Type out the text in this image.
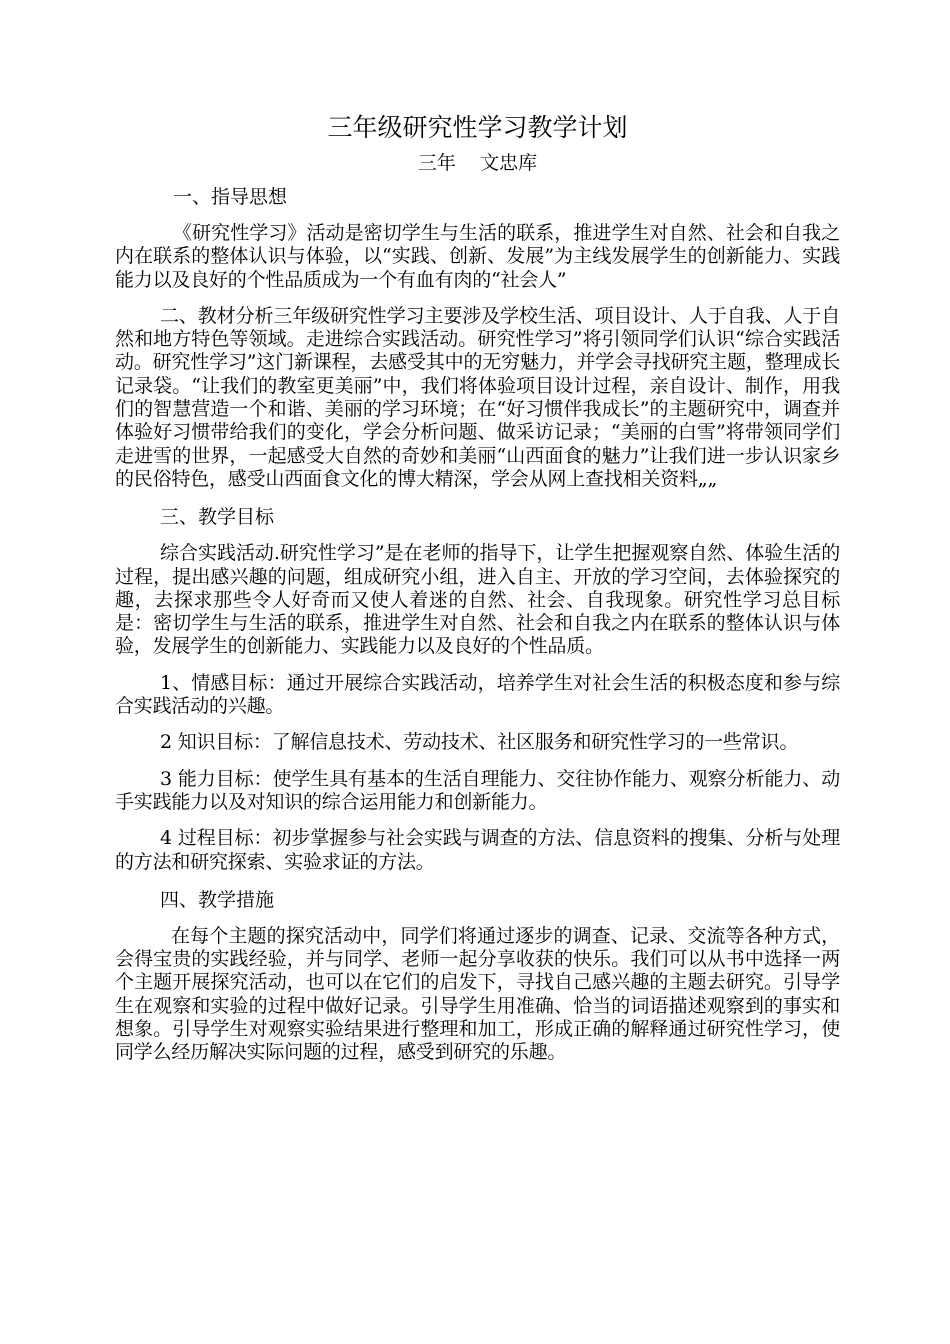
三年级研究性学习教学计划

三年    文忠库

一、指导思想

《研究性学习》活动是密切学生与生活的联系，推进学生对自然、社会和自我之内在联系的整体认识与体验，以“实践、创新、发展”为主线发展学生的创新能力、实践能力以及良好的个性品质成为一个有血有肉的“社会人”

二、教材分析三年级研究性学习主要涉及学校生活、项目设计、人于自我、人于自然和地方特色等领域。走进综合实践活动。研究性学习”将引领同学们认识“综合实践活动。研究性学习”这门新课程，去感受其中的无穷魅力，并学会寻找研究主题，整理成长记录袋。“让我们的教室更美丽”中，我们将体验项目设计过程，亲自设计、制作，用我们的智慧营造一个和谐、美丽的学习环境；在“好习惯伴我成长”的主题研究中，调查并体验好习惯带给我们的变化，学会分析问题、做采访记录；“美丽的白雪”将带领同学们走进雪的世界，一起感受大自然的奇妙和美丽“山西面食的魅力”让我们进一步认识家乡的民俗特色，感受山西面食文化的博大精深，学会从网上查找相关资料„„

三、教学目标

综合实践活动.研究性学习”是在老师的指导下，让学生把握观察自然、体验生活的过程，提出感兴趣的问题，组成研究小组，进入自主、开放的学习空间，去体验探究的趣，去探求那些令人好奇而又使人着迷的自然、社会、自我现象。研究性学习总目标是：密切学生与生活的联系，推进学生对自然、社会和自我之内在联系的整体认识与体验，发展学生的创新能力、实践能力以及良好的个性品质。

1、情感目标：通过开展综合实践活动，培养学生对社会生活的积极态度和参与综合实践活动的兴趣。

2 知识目标：了解信息技术、劳动技术、社区服务和研究性学习的一些常识。

3 能力目标：使学生具有基本的生活自理能力、交往协作能力、观察分析能力、动手实践能力以及对知识的综合运用能力和创新能力。

4 过程目标：初步掌握参与社会实践与调查的方法、信息资料的搜集、分析与处理的方法和研究探索、实验求证的方法。

四、教学措施

在每个主题的探究活动中，同学们将通过逐步的调查、记录、交流等各种方式，会得宝贵的实践经验，并与同学、老师一起分享收获的快乐。我们可以从书中选择一两个主题开展探究活动，也可以在它们的启发下，寻找自己感兴趣的主题去研究。引导学生在观察和实验的过程中做好记录。引导学生用准确、恰当的词语描述观察到的事实和想象。引导学生对观察实验结果进行整理和加工，形成正确的解释通过研究性学习，使同学么经历解决实际问题的过程，感受到研究的乐趣。
